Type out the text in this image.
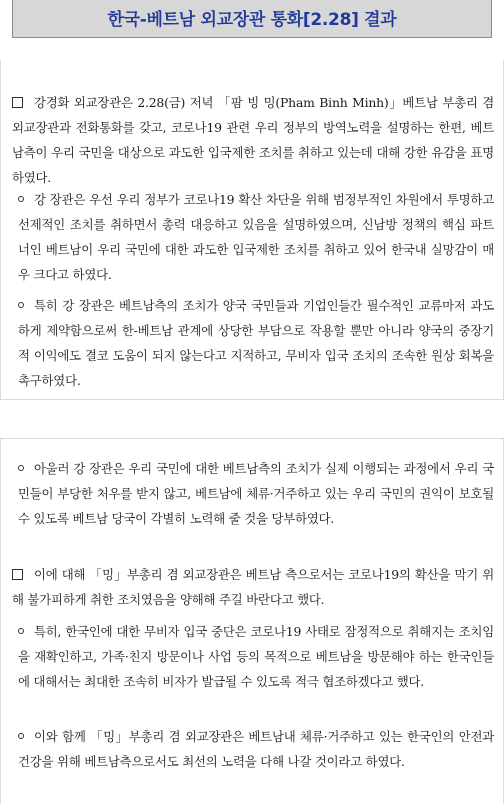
한국-베트남 외교장관 통화[2.28] 결과
강경화 외교장관은 2.28(금) 저녁 「팜 빙 밍(Pham Binh Minh)」베트남 부총리 겸 외교장관과 전화통화를 갖고, 코로나19 관련 우리 정부의 방역노력을 설명하는 한편, 베트남측이 우리 국민을 대상으로 과도한 입국제한 조치를 취하고 있는데 대해 강한 유감을 표명하였다.
강 장관은 우선 우리 정부가 코로나19 확산 차단을 위해 범정부적인 차원에서 투명하고 선제적인 조치를 취하면서 총력 대응하고 있음을 설명하였으며, 신남방 정책의 핵심 파트너인 베트남이 우리 국민에 대한 과도한 입국제한 조치를 취하고 있어 한국내 실망감이 매우 크다고 하였다.
특히 강 장관은 베트남측의 조치가 양국 국민들과 기업인들간 필수적인 교류마저 과도하게 제약함으로써 한-베트남 관계에 상당한 부담으로 작용할 뿐만 아니라 양국의 중장기적 이익에도 결코 도움이 되지 않는다고 지적하고, 무비자 입국 조치의 조속한 원상 회복을 촉구하였다.
아울러 강 장관은 우리 국민에 대한 베트남측의 조치가 실제 이행되는 과정에서 우리 국민들이 부당한 처우를 받지 않고, 베트남에 체류·거주하고 있는 우리 국민의 권익이 보호될 수 있도록 베트남 당국이 각별히 노력해 줄 것을 당부하였다.
이에 대해 「밍」부총리 겸 외교장관은 베트남 측으로서는 코로나19의 확산을 막기 위해 불가피하게 취한 조치였음을 양해해 주길 바란다고 했다.
특히, 한국인에 대한 무비자 입국 중단은 코로나19 사태로 잠정적으로 취해지는 조치임을 재확인하고, 가족·친지 방문이나 사업 등의 목적으로 베트남을 방문해야 하는 한국인들에 대해서는 최대한 조속히 비자가 발급될 수 있도록 적극 협조하겠다고 했다.
이와 함께 「밍」부총리 겸 외교장관은 베트남내 체류·거주하고 있는 한국인의 안전과 건강을 위해 베트남측으로서도 최선의 노력을 다해 나갈 것이라고 하였다.
